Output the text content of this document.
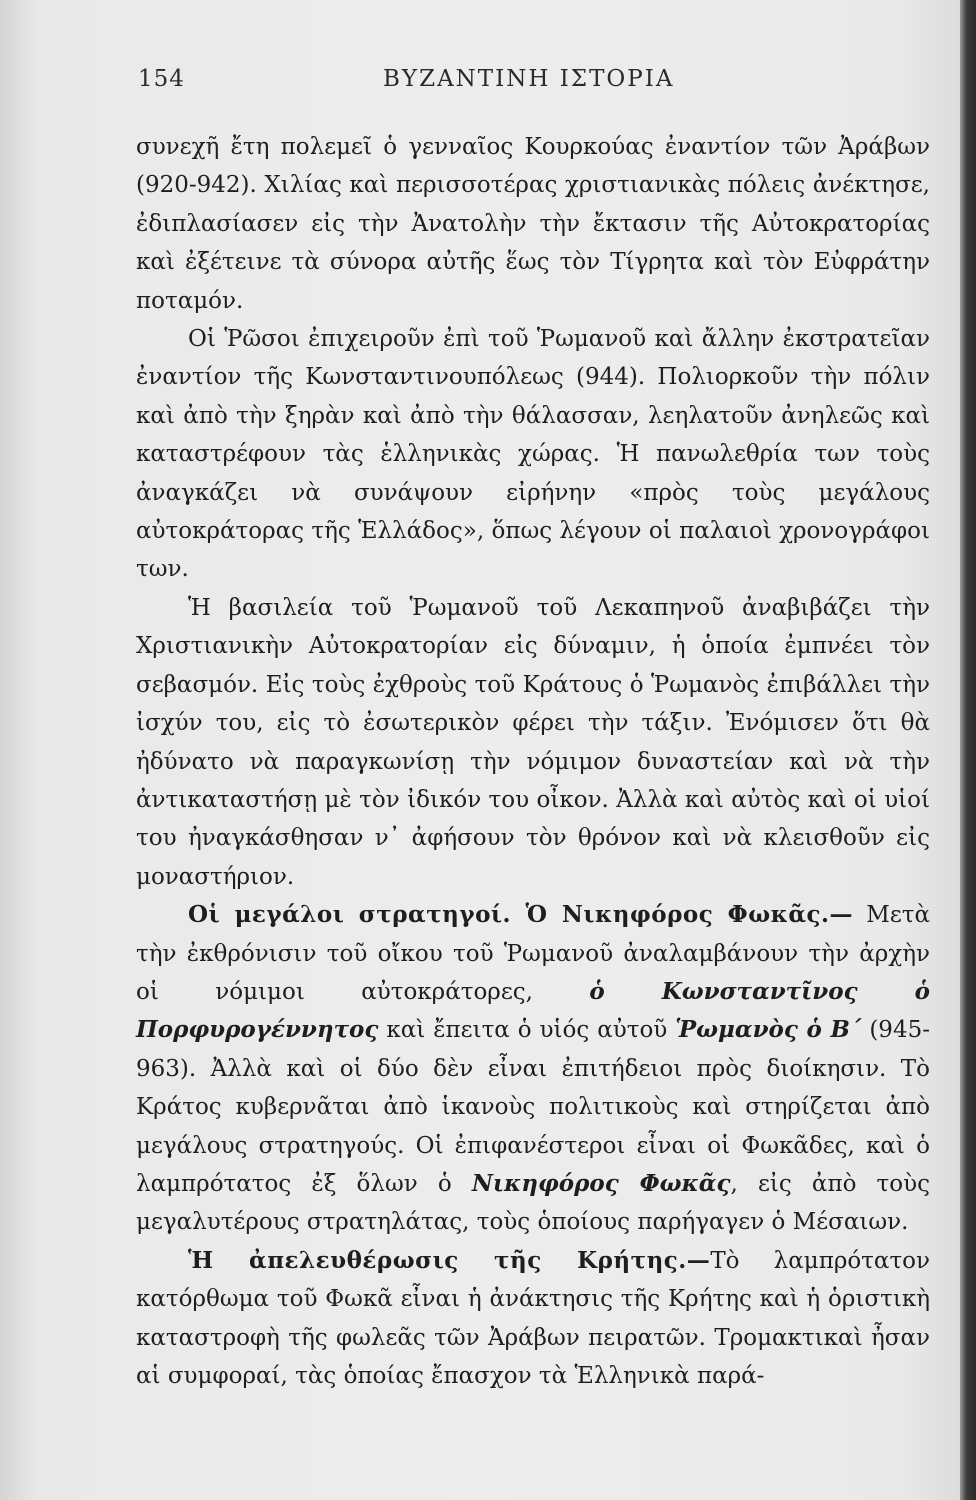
154	ΒΥΖΑΝΤΙΝΗ ΙΣΤΟΡΙΑ

συνεχῆ ἔτη πολεμεῖ ὁ γενναῖος Κουρκούας ἐναντίον τῶν Ἀράβων (920-942). Χιλίας καὶ περισσοτέρας χριστιανικὰς πόλεις ἀνέκτησε, ἐδιπλασίασεν εἰς τὴν Ἀνατολὴν τὴν ἔκτασιν τῆς Αὐτοκρατορίας καὶ ἐξέτεινε τὰ σύνορα αὐτῆς ἕως τὸν Τίγρητα καὶ τὸν Εὐφράτην ποταμόν.

Οἱ Ῥῶσοι ἐπιχειροῦν ἐπὶ τοῦ Ῥωμανοῦ καὶ ἄλλην ἐκστρατεῖαν ἐναντίον τῆς Κωνσταντινουπόλεως (944). Πολιορκοῦν τὴν πόλιν καὶ ἀπὸ τὴν ξηρὰν καὶ ἀπὸ τὴν θάλασσαν, λεηλατοῦν ἀνηλεῶς καὶ καταστρέφουν τὰς ἑλληνικὰς χώρας. Ἡ πανωλεθρία των τοὺς ἀναγκάζει νὰ συνάψουν εἰρήνην «πρὸς τοὺς μεγάλους αὐτοκράτορας τῆς Ἑλλάδος», ὅπως λέγουν οἱ παλαιοὶ χρονογράφοι των.

Ἡ βασιλεία τοῦ Ῥωμανοῦ τοῦ Λεκαπηνοῦ ἀναβιβάζει τὴν Χριστιανικὴν Αὐτοκρατορίαν εἰς δύναμιν, ἡ ὁποία ἐμπνέει τὸν σεβασμόν. Εἰς τοὺς ἐχθροὺς τοῦ Κράτους ὁ Ῥωμανὸς ἐπιβάλλει τὴν ἰσχύν του, εἰς τὸ ἐσωτερικὸν φέρει τὴν τάξιν. Ἐνόμισεν ὅτι θὰ ἠδύνατο νὰ παραγκωνίσῃ τὴν νόμιμον δυναστείαν καὶ νὰ τὴν ἀντικαταστήσῃ μὲ τὸν ἰδικόν του οἶκον. Ἀλλὰ καὶ αὐτὸς καὶ οἱ υἱοί του ἠναγκάσθησαν ν᾽ ἀφήσουν τὸν θρόνον καὶ νὰ κλεισθοῦν εἰς μοναστήριον.

Οἱ μεγάλοι στρατηγοί. Ὁ Νικηφόρος Φωκᾶς.— Μετὰ τὴν ἐκθρόνισιν τοῦ οἴκου τοῦ Ῥωμανοῦ ἀναλαμβάνουν τὴν ἀρχὴν οἱ νόμιμοι αὐτοκράτορες, ὁ Κωνσταντῖνος ὁ Πορφυρογέννητος καὶ ἔπειτα ὁ υἱός αὐτοῦ Ῥωμανὸς ὁ Β΄ (945-963). Ἀλλὰ καὶ οἱ δύο δὲν εἶναι ἐπιτήδειοι πρὸς διοίκησιν. Τὸ Κράτος κυβερνᾶται ἀπὸ ἱκανοὺς πολιτικοὺς καὶ στηρίζεται ἀπὸ μεγάλους στρατηγούς. Οἱ ἐπιφανέστεροι εἶναι οἱ Φωκᾶδες, καὶ ὁ λαμπρότατος ἐξ ὅλων ὁ Νικηφόρος Φωκᾶς, εἰς ἀπὸ τοὺς μεγαλυτέρους στρατηλάτας, τοὺς ὁποίους παρήγαγεν ὁ Μέσαιων.

Ἡ ἀπελευθέρωσις τῆς Κρήτης.—Τὸ λαμπρότατον κατόρθωμα τοῦ Φωκᾶ εἶναι ἡ ἀνάκτησις τῆς Κρήτης καὶ ἡ ὁριστικὴ καταστροφὴ τῆς φωλεᾶς τῶν Ἀράβων πειρατῶν. Τρομακτικαὶ ἦσαν αἱ συμφοραί, τὰς ὁποίας ἔπασχον τὰ Ἑλληνικὰ παρά-
